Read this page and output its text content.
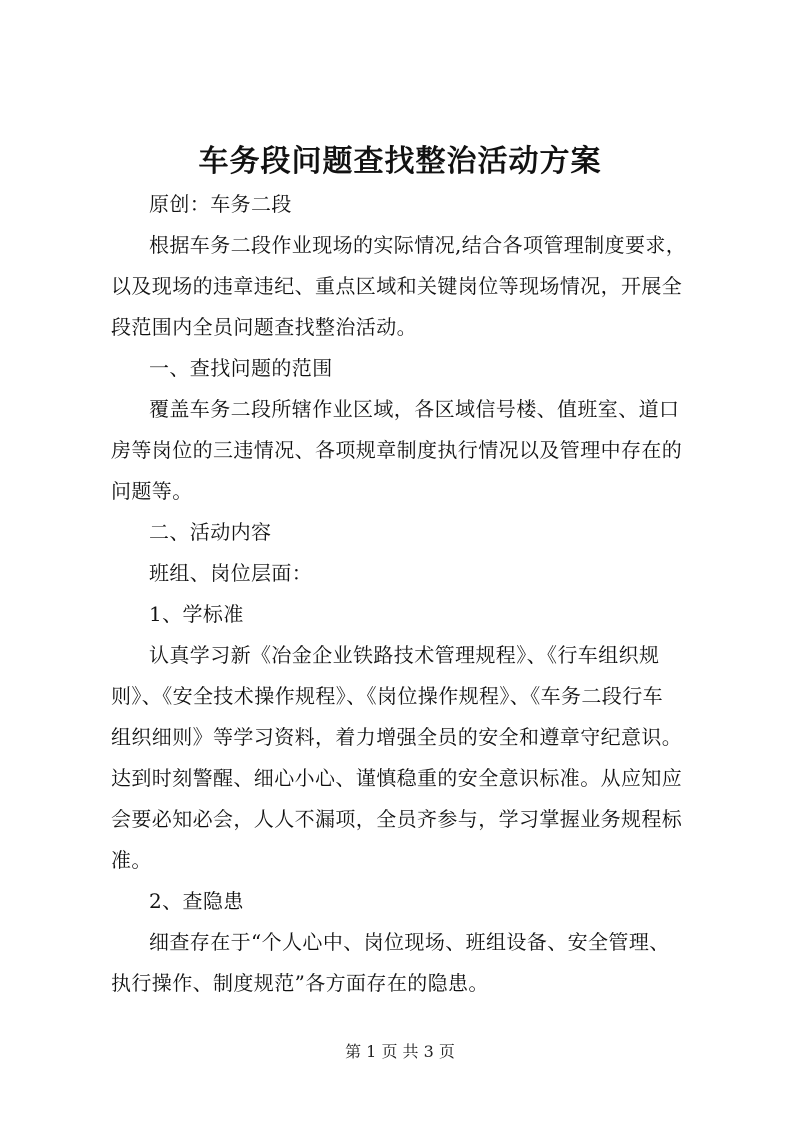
车务段问题查找整治活动方案
原创：车务二段
根据车务二段作业现场的实际情况,结合各项管理制度要求，
以及现场的违章违纪、重点区域和关键岗位等现场情况，开展全
段范围内全员问题查找整治活动。
一、查找问题的范围
覆盖车务二段所辖作业区域，各区域信号楼、值班室、道口
房等岗位的三违情况、各项规章制度执行情况以及管理中存在的
问题等。
二、活动内容
班组、岗位层面：
1、学标准
认真学习新《冶金企业铁路技术管理规程》、《行车组织规
则》、《安全技术操作规程》、《岗位操作规程》、《车务二段行车
组织细则》等学习资料，着力增强全员的安全和遵章守纪意识。
达到时刻警醒、细心小心、谨慎稳重的安全意识标准。从应知应
会要必知必会，人人不漏项，全员齐参与，学习掌握业务规程标
准。
2、查隐患
细查存在于“个人心中、岗位现场、班组设备、安全管理、
执行操作、制度规范”各方面存在的隐患。
第 1 页 共 3 页
